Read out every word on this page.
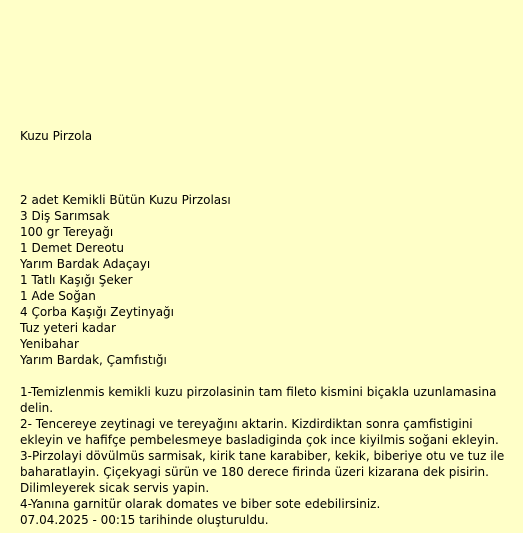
Kuzu Pirzola
2 adet Kemikli Bütün Kuzu Pirzolası
3 Diş Sarımsak
100 gr Tereyağı
1 Demet Dereotu
Yarım Bardak Adaçayı
1 Tatlı Kaşığı Şeker
1 Ade Soğan
4 Çorba Kaşığı Zeytinyağı
Tuz yeteri kadar
Yenibahar
Yarım Bardak, Çamfıstığı
1-Temizlenmis kemikli kuzu pirzolasinin tam fileto kismini biçakla uzunlamasina delin.
2- Tencereye zeytinagi ve tereyağını aktarin. Kizdirdiktan sonra çamfistigini ekleyin ve hafifçe pembelesmeye basladiginda çok ince kiyilmis soğani ekleyin.
3-Pirzolayi dövülmüs sarmisak, kirik tane karabiber, kekik, biberiye otu ve tuz ile baharatlayin. Çiçekyagi sürün ve 180 derece firinda üzeri kizarana dek pisirin. Dilimleyerek sicak servis yapin.
4-Yanına garnitür olarak domates ve biber sote edebilirsiniz.
07.04.2025 - 00:15 tarihinde oluşturuldu.
